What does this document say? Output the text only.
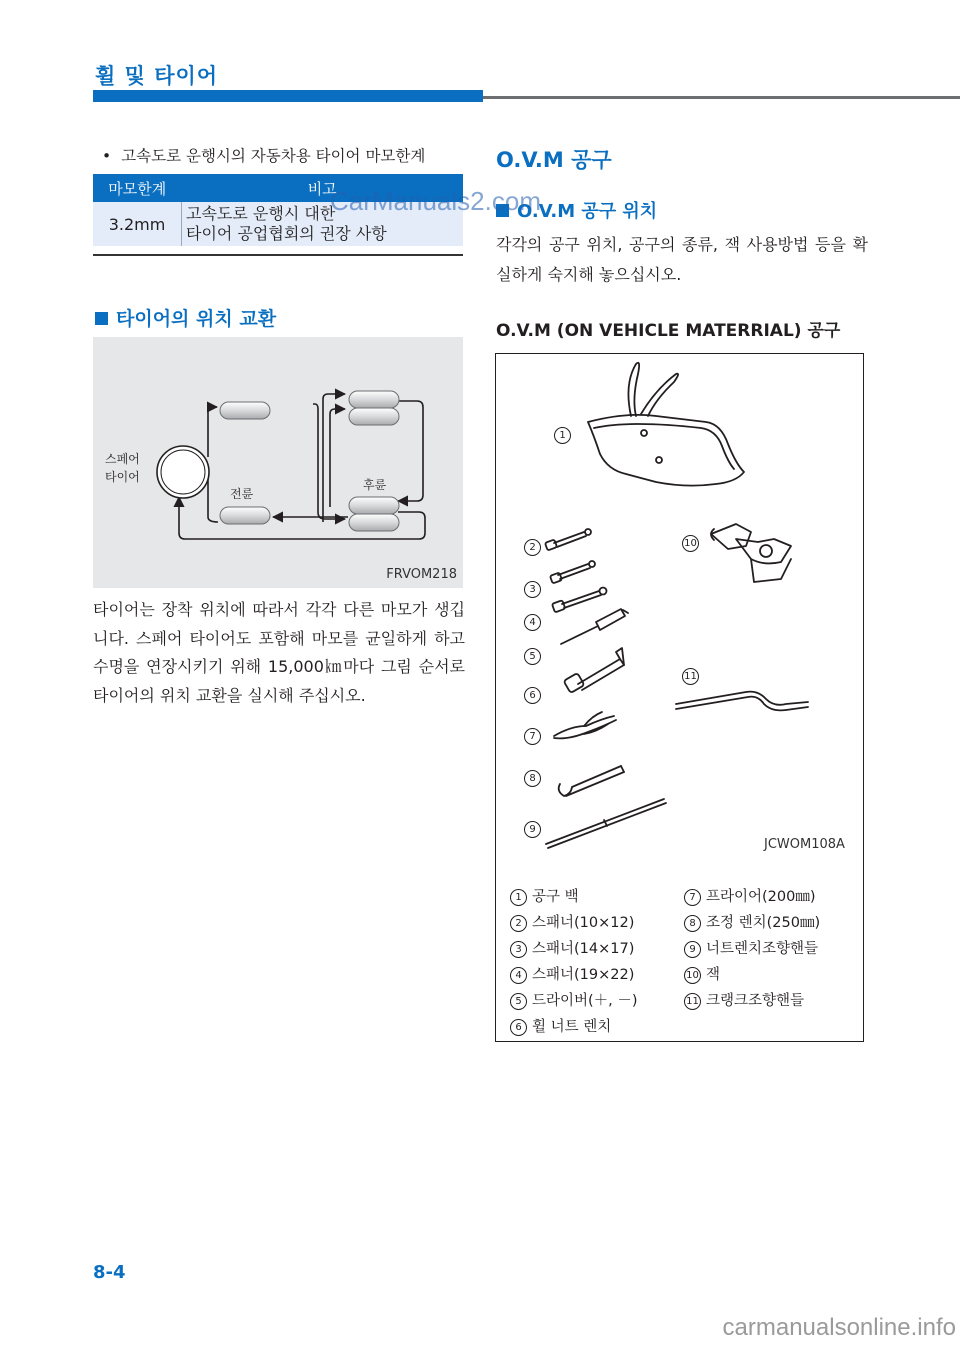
휠 및 타이어
• 고속도로 운행시의 자동차용 타이어 마모한계
마모한계	비고
3.2mm	고속도로 운행시 대한
타이어 공업협회의 권장 사항
타이어의 위치 교환
스페어
타이어
전륜
후륜
FRVOM218
타이어는 장착 위치에 따라서 각각 다른 마모가 생깁니다. 스페어 타이어도 포함해 마모를 균일하게 하고 수명을 연장시키기 위해 15,000㎞마다 그림 순서로 타이어의 위치 교환을 실시해 주십시오.
O.V.M 공구
O.V.M 공구 위치
각각의 공구 위치, 공구의 종류, 잭 사용방법 등을 확실하게 숙지해 놓으십시오.
O.V.M (ON VEHICLE MATERRIAL) 공구
1
2
3
4
5
6
7
8
9
10
11
JCWOM108A
1 공구 백
2 스패너(10×12)
3 스패너(14×17)
4 스패너(19×22)
5 드라이버(＋, －)
6 휠 너트 렌치
7 프라이어(200㎜)
8 조정 렌치(250㎜)
9 너트렌치조향핸들
10 잭
11 크랭크조향핸들
8-4
CarManuals2.com
carmanualsonline.info
